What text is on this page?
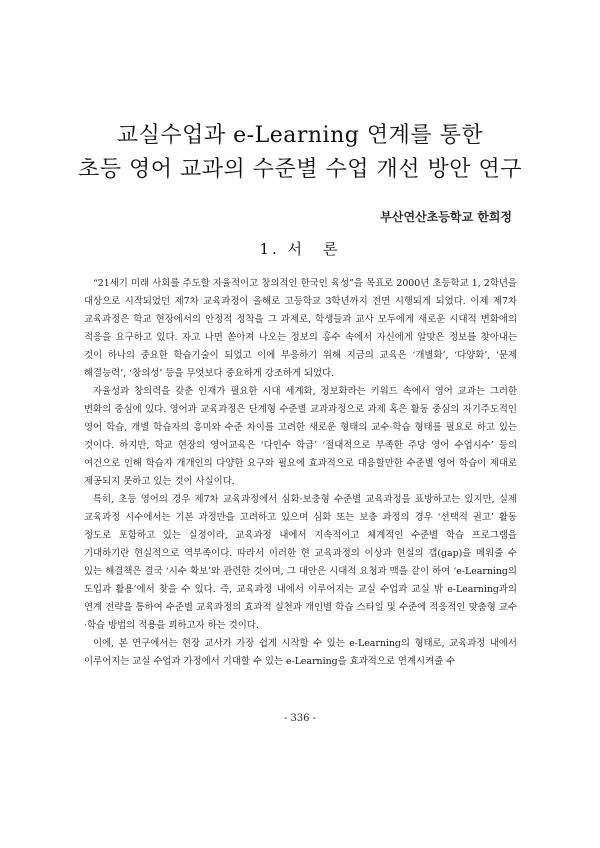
교실수업과 e-Learning 연계를 통한
초등 영어 교과의 수준별 수업 개선 방안 연구
부산연산초등학교 한희정
1. 서　론

“21세기 미래 사회를 주도할 자율적이고 창의적인 한국인 육성”을 목표로 2000년 초등학교 1, 2학년을 대상으로 시작되었던 제7차 교육과정이 올해로 고등학교 3학년까지 전면 시행되게 되었다. 이제 제7차 교육과정은 학교 현장에서의 안정적 정착을 그 과제로, 학생들과 교사 모두에게 새로운 시대적 변화에의 적응을 요구하고 있다. 자고 나면 쏟아져 나오는 정보의 홍수 속에서 자신에게 알맞은 정보를 찾아내는 것이 하나의 중요한 학습기술이 되었고 이에 부응하기 위해 지금의 교육은 ‘개별화’, ‘다양화’, ‘문제 해결능력’, ‘창의성’ 등을 무엇보다 중요하게 강조하게 되었다.

자율성과 창의력을 갖춘 인재가 필요한 시대 세계화, 정보화라는 키워드 속에서 영어 교과는 그러한 변화의 중심에 있다. 영어과 교육과정은 단계형 수준별 교과과정으로 과제 혹은 활동 중심의 자기주도적인 영어 학습, 개별 학습자의 흥미와 수준 차이를 고려한 새로운 형태의 교수·학습 형태를 필요로 하고 있는 것이다. 하지만, 학교 현장의 영어교육은 ‘다인수 학급’ ‘절대적으로 부족한 주당 영어 수업시수’ 등의 여건으로 인해 학습자 개개인의 다양한 요구와 필요에 효과적으로 대응할만한 수준별 영어 학습이 제대로 제공되지 못하고 있는 것이 사실이다.

특히, 초등 영어의 경우 제7차 교육과정에서 심화·보충형 수준별 교육과정을 표방하고는 있지만, 실제 교육과정 시수에서는 기본 과정만을 고려하고 있으며 심화 또는 보충 과정의 경우 ‘선택적 권고’ 활동 정도로 포함하고 있는 실정이라, 교육과정 내에서 지속적이고 체계적인 수준별 학습 프로그램을 기대하기란 현실적으로 역부족이다. 따라서 이러한 현 교육과정의 이상과 현실의 갭(gap)을 메워줄 수 있는 해결책은 결국 ‘시수 확보’와 관련한 것이며, 그 대안은 시대적 요청과 맥을 같이 하여 ‘e-Learning의 도입과 활용’에서 찾을 수 있다. 즉, 교육과정 내에서 이루어지는 교실 수업과 교실 밖 e-Learning과의 연계 전략을 통하여 수준별 교육과정의 효과적 실천과 개인별 학습 스타일 및 수준에 적응적인 맞춤형 교수·학습 방법의 적용을 꾀하고자 하는 것이다.

이에, 본 연구에서는 현장 교사가 가장 쉽게 시작할 수 있는 e-Learning의 형태로, 교육과정 내에서 이루어지는 교실 수업과 가정에서 기대할 수 있는 e-Learning을 효과적으로 연계시켜줄 수

- 336 -
